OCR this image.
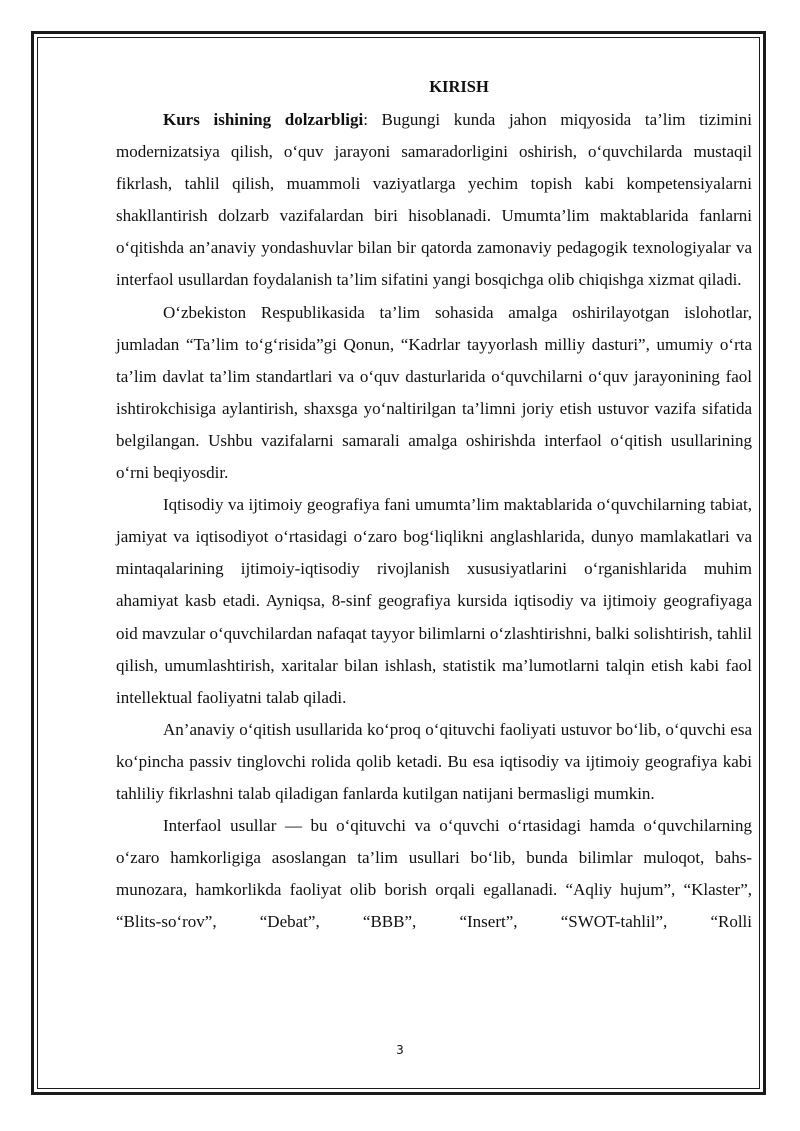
KIRISH

Kurs ishining dolzarbligi: Bugungi kunda jahon miqyosida ta’lim tizimini modernizatsiya qilish, o‘quv jarayoni samaradorligini oshirish, o‘quvchilarda mustaqil fikrlash, tahlil qilish, muammoli vaziyatlarga yechim topish kabi kompetensiyalarni shakllantirish dolzarb vazifalardan biri hisoblanadi. Umumta’lim maktablarida fanlarni o‘qitishda an’anaviy yondashuvlar bilan bir qatorda zamonaviy pedagogik texnologiyalar va interfaol usullardan foydalanish ta’lim sifatini yangi bosqichga olib chiqishga xizmat qiladi.

O‘zbekiston Respublikasida ta’lim sohasida amalga oshirilayotgan islohotlar, jumladan “Ta’lim to‘g‘risida”gi Qonun, “Kadrlar tayyorlash milliy dasturi”, umumiy o‘rta ta’lim davlat ta’lim standartlari va o‘quv dasturlarida o‘quvchilarni o‘quv jarayonining faol ishtirokchisiga aylantirish, shaxsga yo‘naltirilgan ta’limni joriy etish ustuvor vazifa sifatida belgilangan. Ushbu vazifalarni samarali amalga oshirishda interfaol o‘qitish usullarining o‘rni beqiyosdir.

Iqtisodiy va ijtimoiy geografiya fani umumta’lim maktablarida o‘quvchilarning tabiat, jamiyat va iqtisodiyot o‘rtasidagi o‘zaro bog‘liqlikni anglashlarida, dunyo mamlakatlari va mintaqalarining ijtimoiy-iqtisodiy rivojlanish xususiyatlarini o‘rganishlarida muhim ahamiyat kasb etadi. Ayniqsa, 8-sinf geografiya kursida iqtisodiy va ijtimoiy geografiyaga oid mavzular o‘quvchilardan nafaqat tayyor bilimlarni o‘zlashtirishni, balki solishtirish, tahlil qilish, umumlashtirish, xaritalar bilan ishlash, statistik ma’lumotlarni talqin etish kabi faol intellektual faoliyatni talab qiladi.

An’anaviy o‘qitish usullarida ko‘proq o‘qituvchi faoliyati ustuvor bo‘lib, o‘quvchi esa ko‘pincha passiv tinglovchi rolida qolib ketadi. Bu esa iqtisodiy va ijtimoiy geografiya kabi tahliliy fikrlashni talab qiladigan fanlarda kutilgan natijani bermasligi mumkin.

Interfaol usullar — bu o‘qituvchi va o‘quvchi o‘rtasidagi hamda o‘quvchilarning o‘zaro hamkorligiga asoslangan ta’lim usullari bo‘lib, bunda bilimlar muloqot, bahs-munozara, hamkorlikda faoliyat olib borish orqali egallanadi. “Aqliy hujum”, “Klaster”, “Blits-so‘rov”, “Debat”, “BBB”, “Insert”, “SWOT-tahlil”, “Rolli

3
